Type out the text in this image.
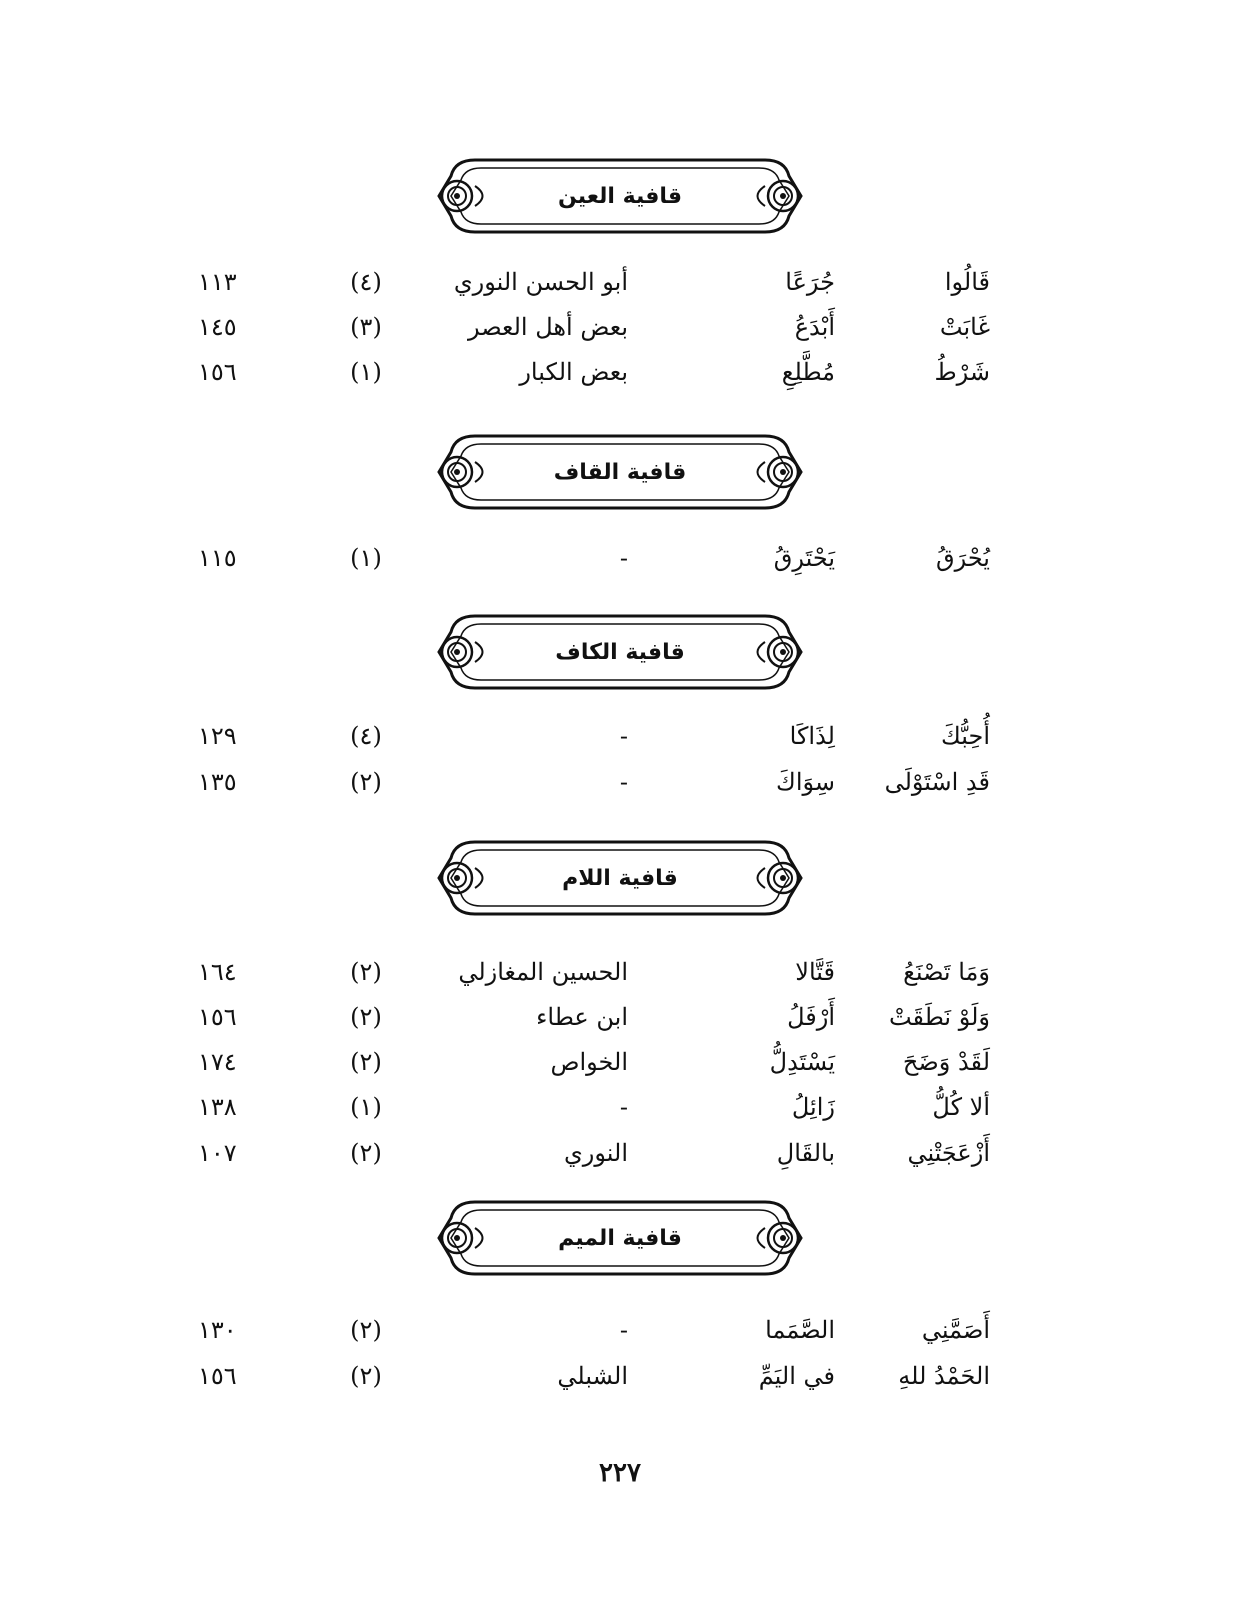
قافية العين
قَالُوا
جُرَعًا
أبو الحسن النوري
(٤)
١١٣
غَابَتْ
أَبْدَعُ
بعض أهل العصر
(٣)
١٤٥
شَرْطُ
مُطَّلِعِ
بعض الكبار
(١)
١٥٦
قافية القاف
يُحْرَقُ
يَحْتَرِقُ
-
(١)
١١٥
قافية الكاف
أُحِبُّكَ
لِذَاكَا
-
(٤)
١٢٩
قَدِ اسْتَوْلَى
سِوَاكَ
-
(٢)
١٣٥
قافية اللام
وَمَا تَصْنَعُ
قَتَّالا
الحسين المغازلي
(٢)
١٦٤
وَلَوْ نَطَقَتْ
أَرْفَلُ
ابن عطاء
(٢)
١٥٦
لَقَدْ وَضَحَ
يَسْتَدِلُّ
الخواص
(٢)
١٧٤
ألا كُلُّ
زَائِلُ
-
(١)
١٣٨
أَزْعَجَتْنِي
بالقَالِ
النوري
(٢)
١٠٧
قافية الميم
أَصَمَّنِي
الصَّمَما
-
(٢)
١٣٠
الحَمْدُ للهِ
في اليَمِّ
الشبلي
(٢)
١٥٦
٢٢٧
